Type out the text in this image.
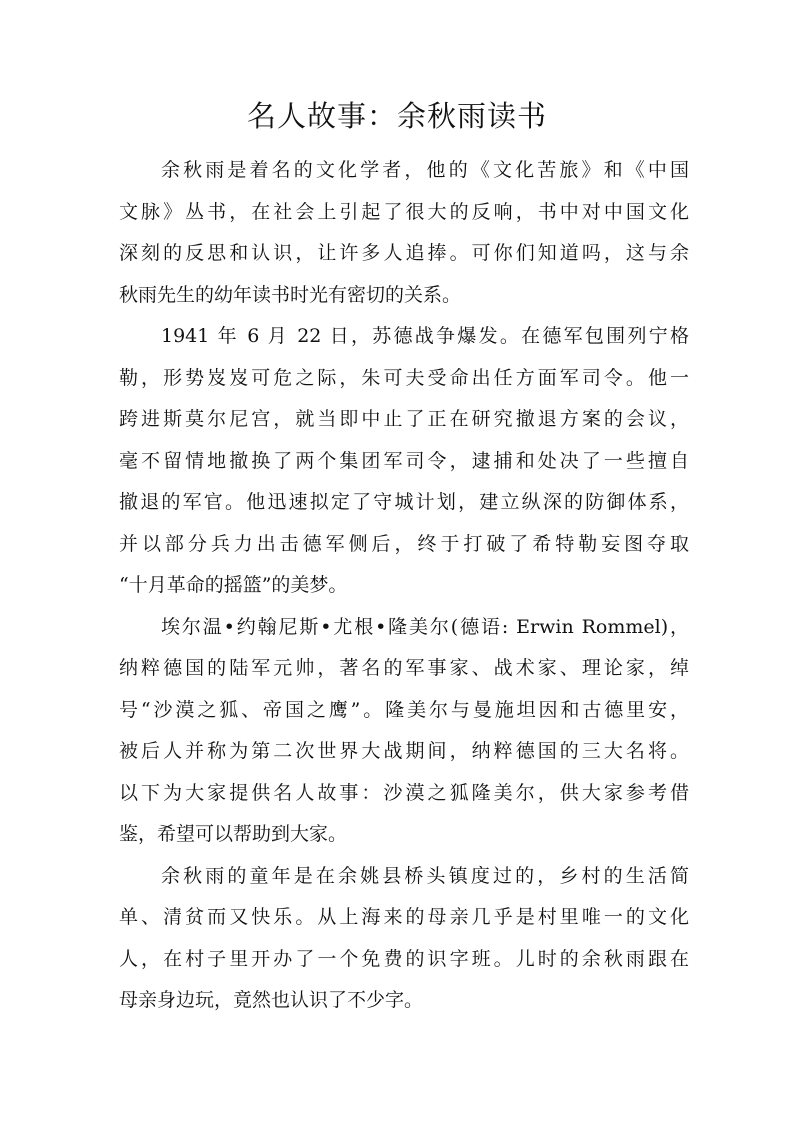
名人故事：余秋雨读书
余秋雨是着名的文化学者，他的《文化苦旅》和《中国
文脉》丛书，在社会上引起了很大的反响，书中对中国文化
深刻的反思和认识，让许多人追捧。可你们知道吗，这与余
秋雨先生的幼年读书时光有密切的关系。
1941 年 6 月 22 日，苏德战争爆发。在德军包围列宁格
勒，形势岌岌可危之际，朱可夫受命出任方面军司令。他一
跨进斯莫尔尼宫，就当即中止了正在研究撤退方案的会议，
毫不留情地撤换了两个集团军司令，逮捕和处决了一些擅自
撤退的军官。他迅速拟定了守城计划，建立纵深的防御体系，
并以部分兵力出击德军侧后，终于打破了希特勒妄图夺取
“十月革命的摇篮”的美梦。
埃尔温•约翰尼斯•尤根•隆美尔(德语: Erwin Rommel)，
纳粹德国的陆军元帅，著名的军事家、战术家、理论家，绰
号“沙漠之狐、帝国之鹰”。隆美尔与曼施坦因和古德里安，
被后人并称为第二次世界大战期间，纳粹德国的三大名将。
以下为大家提供名人故事：沙漠之狐隆美尔，供大家参考借
鉴，希望可以帮助到大家。
余秋雨的童年是在余姚县桥头镇度过的，乡村的生活简
单、清贫而又快乐。从上海来的母亲几乎是村里唯一的文化
人，在村子里开办了一个免费的识字班。儿时的余秋雨跟在
母亲身边玩，竟然也认识了不少字。
